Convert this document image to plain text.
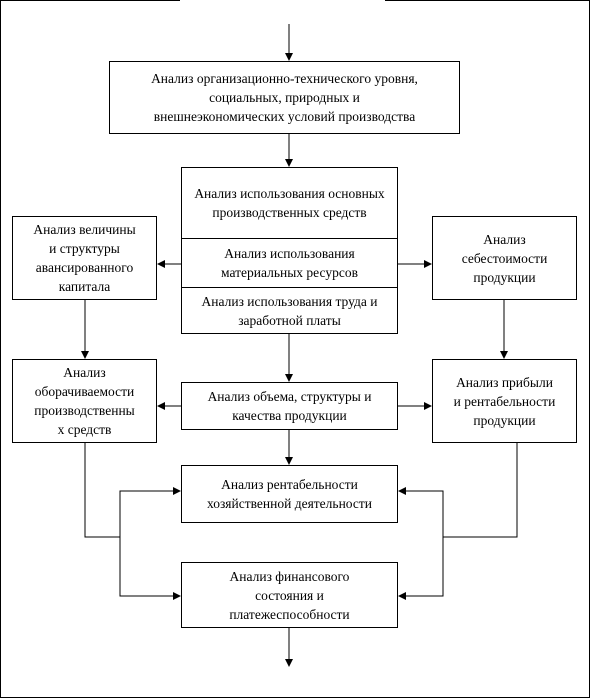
Анализ организационно-технического уровня,
социальных, природных и
внешнеэкономических условий производства
Анализ использования основных производственных средств
Анализ использования материальных ресурсов
Анализ использования труда и заработной платы
Анализ величины
и структуры
авансированного
капитала
Анализ
себестоимости
продукции
Анализ
оборачиваемости
производственны
х средств
Анализ объема, структуры и
качества продукции
Анализ прибыли
и рентабельности
продукции
Анализ рентабельности
хозяйственной деятельности
Анализ финансового
состояния и
платежеспособности
